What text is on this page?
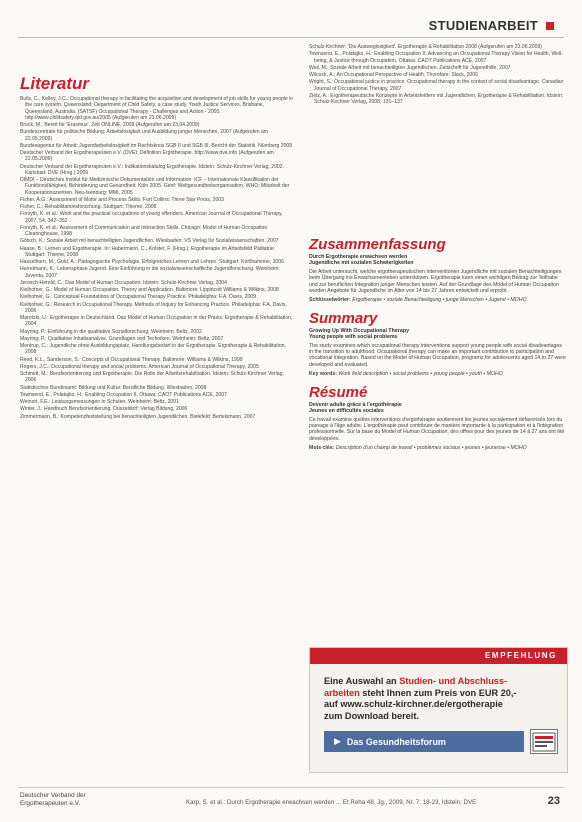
STUDIENARBEIT
Literatur
Bulls, C., Kelley, J.C.: Occupational therapy in facilitating the acquisition and development of job skills for young people in the care system. Queensland: Department of Child Safety, a case study. Youth Justice Services, Brisbane, Queensland, Australia. (SATSF) Occupational Therapy - Challenges and Action - 2005. http://www.childsafety.qld.gov.au/2005 (Aufgerufen am 23.06.2009)
Brock, M.: Bereit für 'Erasmus'. Zeit ONLINE, 2009 (Aufgerufen am 23.04.2009)
Bundeszentrale für politische Bildung: Arbeitslosigkeit und Ausbildung junger Menschen, 2007 (Aufgerufen am 22.05.2009)
Bundesagentur für Arbeit: Jugendarbeitslosigkeit im Rechtskreis SGB II und SGB III. Bericht der Statistik. Nürnberg 2008
Deutscher Verband der Ergotherapeuten e.V. (DVE): Definition Ergotherapie. http://www.dve.info (Aufgerufen am 22.05.2009)
Deutscher Verband der Ergotherapeuten e.V.: Indikationskatalog Ergotherapie. Idstein: Schulz-Kirchner Verlag, 2002. Karlsbad: DVE (Hrsg.) 2009
DIMDI – Deutsches Institut für Medizinische Dokumentation und Information: ICF – Internationale Klassifikation der Funktionsfähigkeit, Behinderung und Gesundheit. Köln 2005. Genf: Weltgesundheitsorganisation, WHO; Mitarbeit der Kooperationszentren. Neu-Isenburg: MMI, 2005
Fisher, A.G.: Assessment of Motor and Process Skills. Fort Collins: Three Star Press, 2003
Fisher, C.: Rehabilitationsforschung. Stuttgart: Thieme, 2008
Forsyth, K. et al.: Work and the practical occupations of young offenders. American Journal of Occupational Therapy, 2007, 54, 342–352
Forsyth, K. et al.: Assessment of Communication and Interaction Skills. Chicago: Model of Human Occupation Clearinghouse, 1998
Götsch, K.: Soziale Arbeit mit benachteiligten Jugendlichen. Wiesbaden: VS Verlag für Sozialwissenschaften, 2007
Haase, B.: Lernen und Ergotherapie. In: Habermann, C., Kolster, F. (Hrsg.): Ergotherapie im Arbeitsfeld Pädiatrie. Stuttgart: Thieme, 2008
Hasselhorn, M., Gold, A.: Pädagogische Psychologie. Erfolgreiches Lernen und Lehren. Stuttgart: Kohlhammer, 2006
Hurrelmann, K.: Lebensphase Jugend. Eine Einführung in die sozialwissenschaftliche Jugendforschung. Weinheim: Juventa, 2007
Jerosch-Herold, C.: Das Model of Human Occupation. Idstein: Schulz-Kirchner Verlag, 2004
Kielhofner, G.: Model of Human Occupation. Theory and Application. Baltimore: Lippincott Williams & Wilkins, 2008
Kielhofner, G.: Conceptual Foundations of Occupational Therapy Practice. Philadelphia: F.A. Davis, 2009
Kielhofner, G.: Research in Occupational Therapy. Methods of Inquiry for Enhancing Practice. Philadelphia: F.A. Davis, 2006
Marotzki, U.: Ergotherapie in Deutschland. Das Model of Human Occupation in der Praxis. Ergotherapie & Rehabilitation, 2004
Mayring, P.: Einführung in die qualitative Sozialforschung. Weinheim: Beltz, 2002
Mayring, P.: Qualitative Inhaltsanalyse. Grundlagen und Techniken. Weinheim: Beltz, 2007
Mentrup, C.: Jugendliche ohne Ausbildungsplatz. Handlungsbedarf in der Ergotherapie. Ergotherapie & Rehabilitation, 2008
Reed, K.L., Sanderson, S.: Concepts of Occupational Therapy. Baltimore: Williams & Wilkins, 1999
Rogers, J.C.: Occupational therapy and social problems. American Journal of Occupational Therapy, 2005
Schmidt, M.: Berufsorientierung und Ergotherapie. Die Rolle der Arbeitsrehabilitation. Idstein: Schulz-Kirchner Verlag, 2006
Statistisches Bundesamt: Bildung und Kultur. Berufliche Bildung. Wiesbaden, 2008
Townsend, E., Polatajko, H.: Enabling Occupation II. Ottawa: CAOT Publications ACE, 2007
Weinert, F.E.: Leistungsmessungen in Schulen. Weinheim: Beltz, 2001
Winter, J.: Handbuch Berufsorientierung. Düsseldorf: Verlag Bildung, 2006
Zimmermann, B.: Kompetenzfeststellung bei benachteiligten Jugendlichen. Bielefeld: Bertelsmann, 2007
Schulz-Kirchner: 'Die Ausweglosigkeit'. Ergotherapie & Rehabilitation 2008 (Aufgerufen am 23.06.2009)
Townsend, E., Polatajko, H.: Enabling Occupation II: Advancing an Occupational Therapy Vision for Health, Well-being, & Justice through Occupation. Ottawa: CAOT Publications ACE, 2007
Weil, M.: Soziale Arbeit mit benachteiligten Jugendlichen. Zeitschrift für Jugendhilfe, 2007
Wilcock, A.: An Occupational Perspective of Health. Thorofare: Slack, 2006
Wright, S.: Occupational justice in practice: Occupational therapy in the context of social disadvantage. Canadian Journal of Occupational Therapy, 2007
Zietz, A.: Ergotherapeutische Konzepte in Arbeitsfeldern mit Jugendlichen. Ergotherapie & Rehabilitation. Idstein: Schulz-Kirchner Verlag, 2008, 131–137
Zusammenfassung
Durch Ergotherapie erwachsen werden
Jugendliche mit sozialen Schwierigkeiten
Die Arbeit untersucht, welche ergotherapeutischen Interventionen Jugendliche mit sozialen Benachteiligungen beim Übergang ins Erwachsenenleben unterstützen. Ergotherapie kann einen wichtigen Beitrag zur Teilhabe und zur beruflichen Integration junger Menschen leisten. Auf der Grundlage des Model of Human Occupation wurden Angebote für Jugendliche im Alter von 14 bis 27 Jahren entwickelt und erprobt.
Schlüsselwörter: Ergotherapie • soziale Benachteiligung • junge Menschen • Jugend • MOHO
Summary
Growing Up With Occupational Therapy
Young people with social problems
The study examines which occupational therapy interventions support young people with social disadvantages in the transition to adulthood. Occupational therapy can make an important contribution to participation and vocational integration. Based on the Model of Human Occupation, programs for adolescents aged 14 to 27 were developed and evaluated.
Key words: Work field description • social problems • young people • youth • MOHO
Résumé
Devenir adulte grâce à l'ergothérapie
Jeunes en difficultés sociales
Ce travail examine quelles interventions d'ergothérapie soutiennent les jeunes socialement défavorisés lors du passage à l'âge adulte. L'ergothérapie peut contribuer de manière importante à la participation et à l'intégration professionnelle. Sur la base du Model of Human Occupation, des offres pour des jeunes de 14 à 27 ans ont été développées.
Mots clés: Description d'un champ de travail • problèmes sociaux • jeunes • jeunesse • MOHO
EMPFEHLUNG
Eine Auswahl an Studien- und Abschluss-
arbeiten steht Ihnen zum Preis von EUR 20,-
auf www.schulz-kirchner.de/ergotherapie
zum Download bereit.
▶ Das Gesundheitsforum
Deutscher Verband der
Ergotherapeuten e.V.	Karp, S. et al.: Durch Ergotherapie erwachsen werden ... Et Reha 48. Jg., 2009, Nr. 7: 18-23, Idstein: DVE	23
